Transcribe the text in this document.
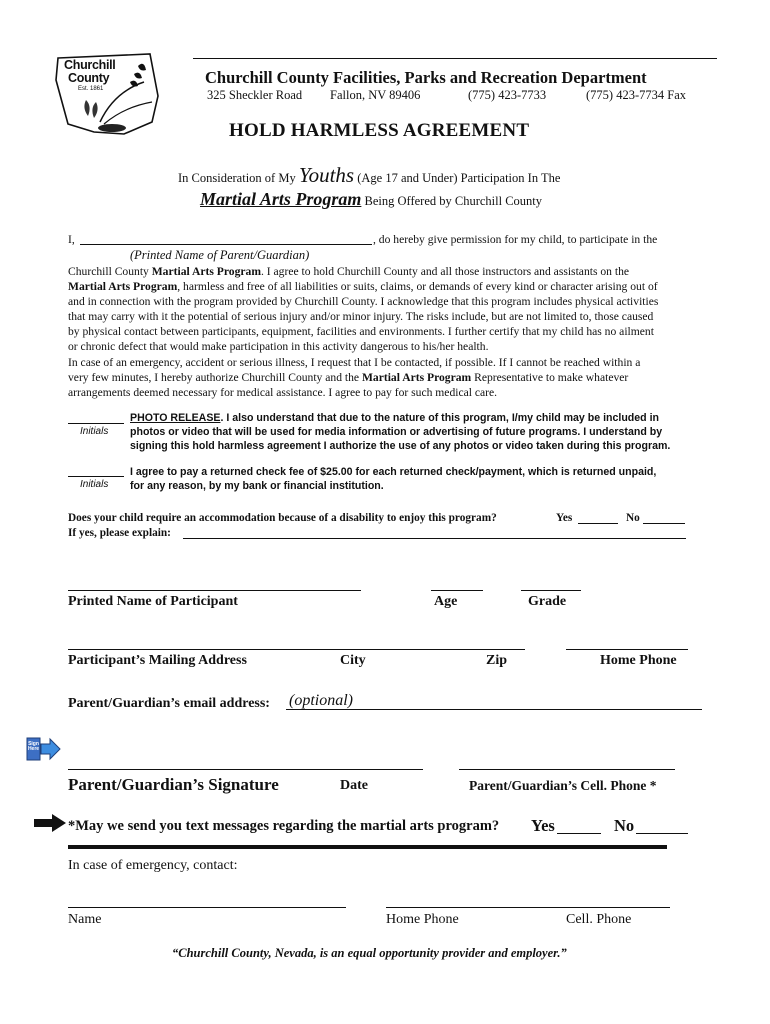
Churchill
County
Est. 1861
Churchill County Facilities, Parks and Recreation Department
325 Sheckler Road Fallon, NV 89406	(775) 423-7733	(775) 423-7734 Fax
HOLD HARMLESS AGREEMENT
In Consideration of My Youths (Age 17 and Under) Participation In The
Martial Arts Program Being Offered by Churchill County
I,	, do hereby give permission for my child, to participate in the
(Printed Name of Parent/Guardian)

Churchill County Martial Arts Program. I agree to hold Churchill County and all those instructors and assistants on the

Martial Arts Program, harmless and free of all liabilities or suits, claims, or demands of every kind or character arising out of

and in connection with the program provided by Churchill County. I acknowledge that this program includes physical activities

that may carry with it the potential of serious injury and/or minor injury. The risks include, but are not limited to, those caused

by physical contact between participants, equipment, facilities and environments. I further certify that my child has no ailment

or chronic defect that would make participation in this activity dangerous to his/her health.

In case of an emergency, accident or serious illness, I request that I be contacted, if possible. If I cannot be reached within a

very few minutes, I hereby authorize Churchill County and the Martial Arts Program Representative to make whatever

arrangements deemed necessary for medical assistance. I agree to pay for such medical care.

Initials
PHOTO RELEASE. I also understand that due to the nature of this program, I/my child may be included in
photos or video that will be used for media information or advertising of future programs. I understand by
signing this hold harmless agreement I authorize the use of any photos or video taken during this program.
Initials
I agree to pay a returned check fee of $25.00 for each returned check/payment, which is returned unpaid,
for any reason, by my bank or financial institution.
Does your child require an accommodation because of a disability to enjoy this program?	Yes	No
If yes, please explain:
Printed Name of Participant	Age	Grade
Participant’s Mailing Address	City	Zip	Home Phone
Parent/Guardian’s email address: (optional)
Sign Here
Parent/Guardian’s Signature	Date	Parent/Guardian’s Cell. Phone *
*May we send you text messages regarding the martial arts program? Yes	No
In case of emergency, contact:
Name	Home Phone	Cell. Phone
“Churchill County, Nevada, is an equal opportunity provider and employer.”
